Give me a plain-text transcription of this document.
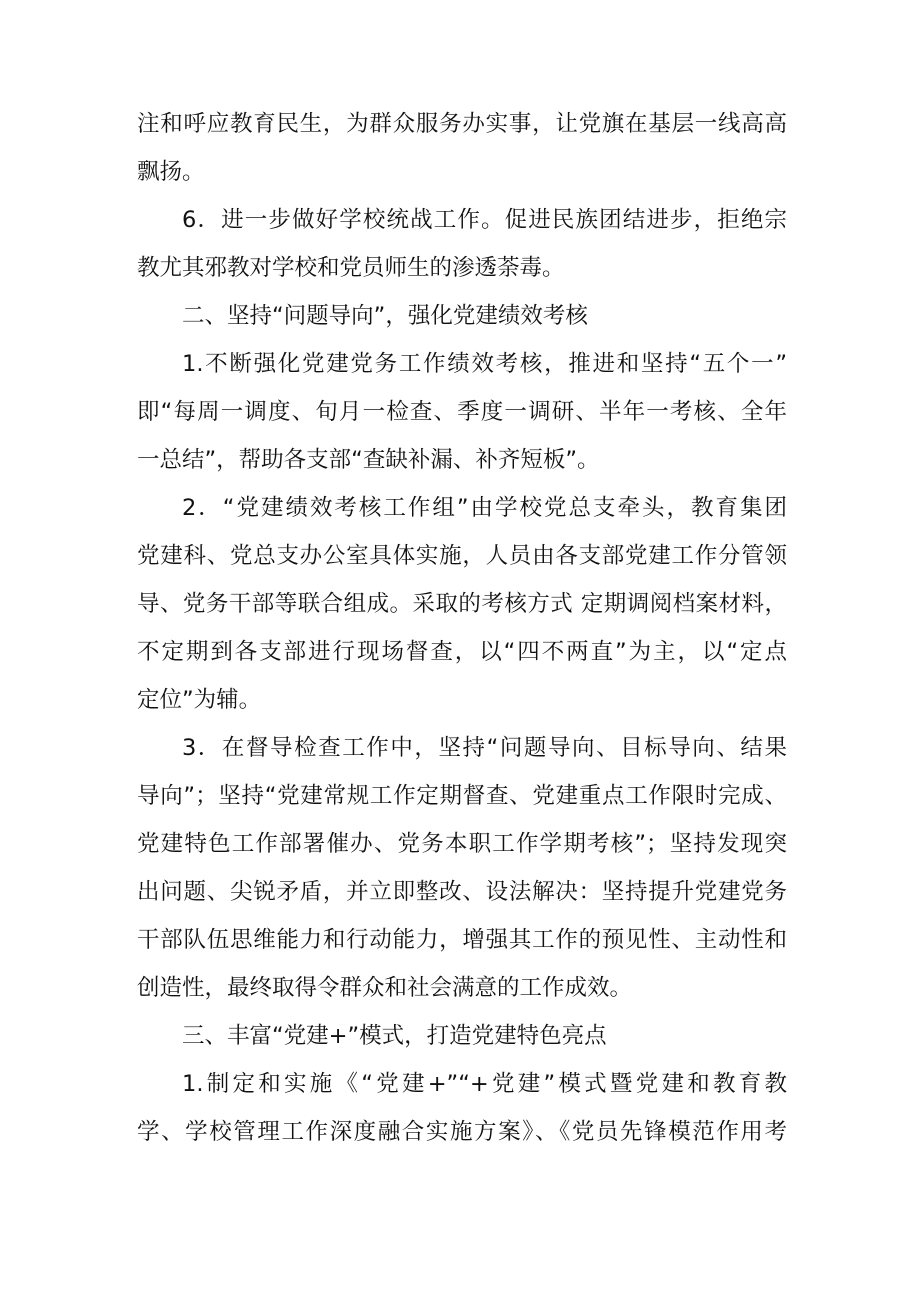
注和呼应教育民生，为群众服务办实事，让党旗在基层一线高高
飘扬。
6．进一步做好学校统战工作。促进民族团结进步，拒绝宗
教尤其邪教对学校和党员师生的渗透荼毒。
二、坚持“问题导向”，强化党建绩效考核
1.不断强化党建党务工作绩效考核，推进和坚持“五个一”
即“每周一调度、旬月一检查、季度一调研、半年一考核、全年
一总结”，帮助各支部“查缺补漏、补齐短板”。
2．“党建绩效考核工作组”由学校党总支牵头，教育集团
党建科、党总支办公室具体实施，人员由各支部党建工作分管领
导、党务干部等联合组成。采取的考核方式 定期调阅档案材料，
不定期到各支部进行现场督查，以“四不两直”为主，以“定点
定位”为辅。
3．在督导检查工作中，坚持“问题导向、目标导向、结果
导向”；坚持“党建常规工作定期督查、党建重点工作限时完成、
党建特色工作部署催办、党务本职工作学期考核”；坚持发现突
出问题、尖锐矛盾，并立即整改、设法解决：坚持提升党建党务
干部队伍思维能力和行动能力，增强其工作的预见性、主动性和
创造性，最终取得令群众和社会满意的工作成效。
三、丰富“党建+”模式，打造党建特色亮点
1.制定和实施《“党建+”“+党建”模式暨党建和教育教
学、学校管理工作深度融合实施方案》、《党员先锋模范作用考
